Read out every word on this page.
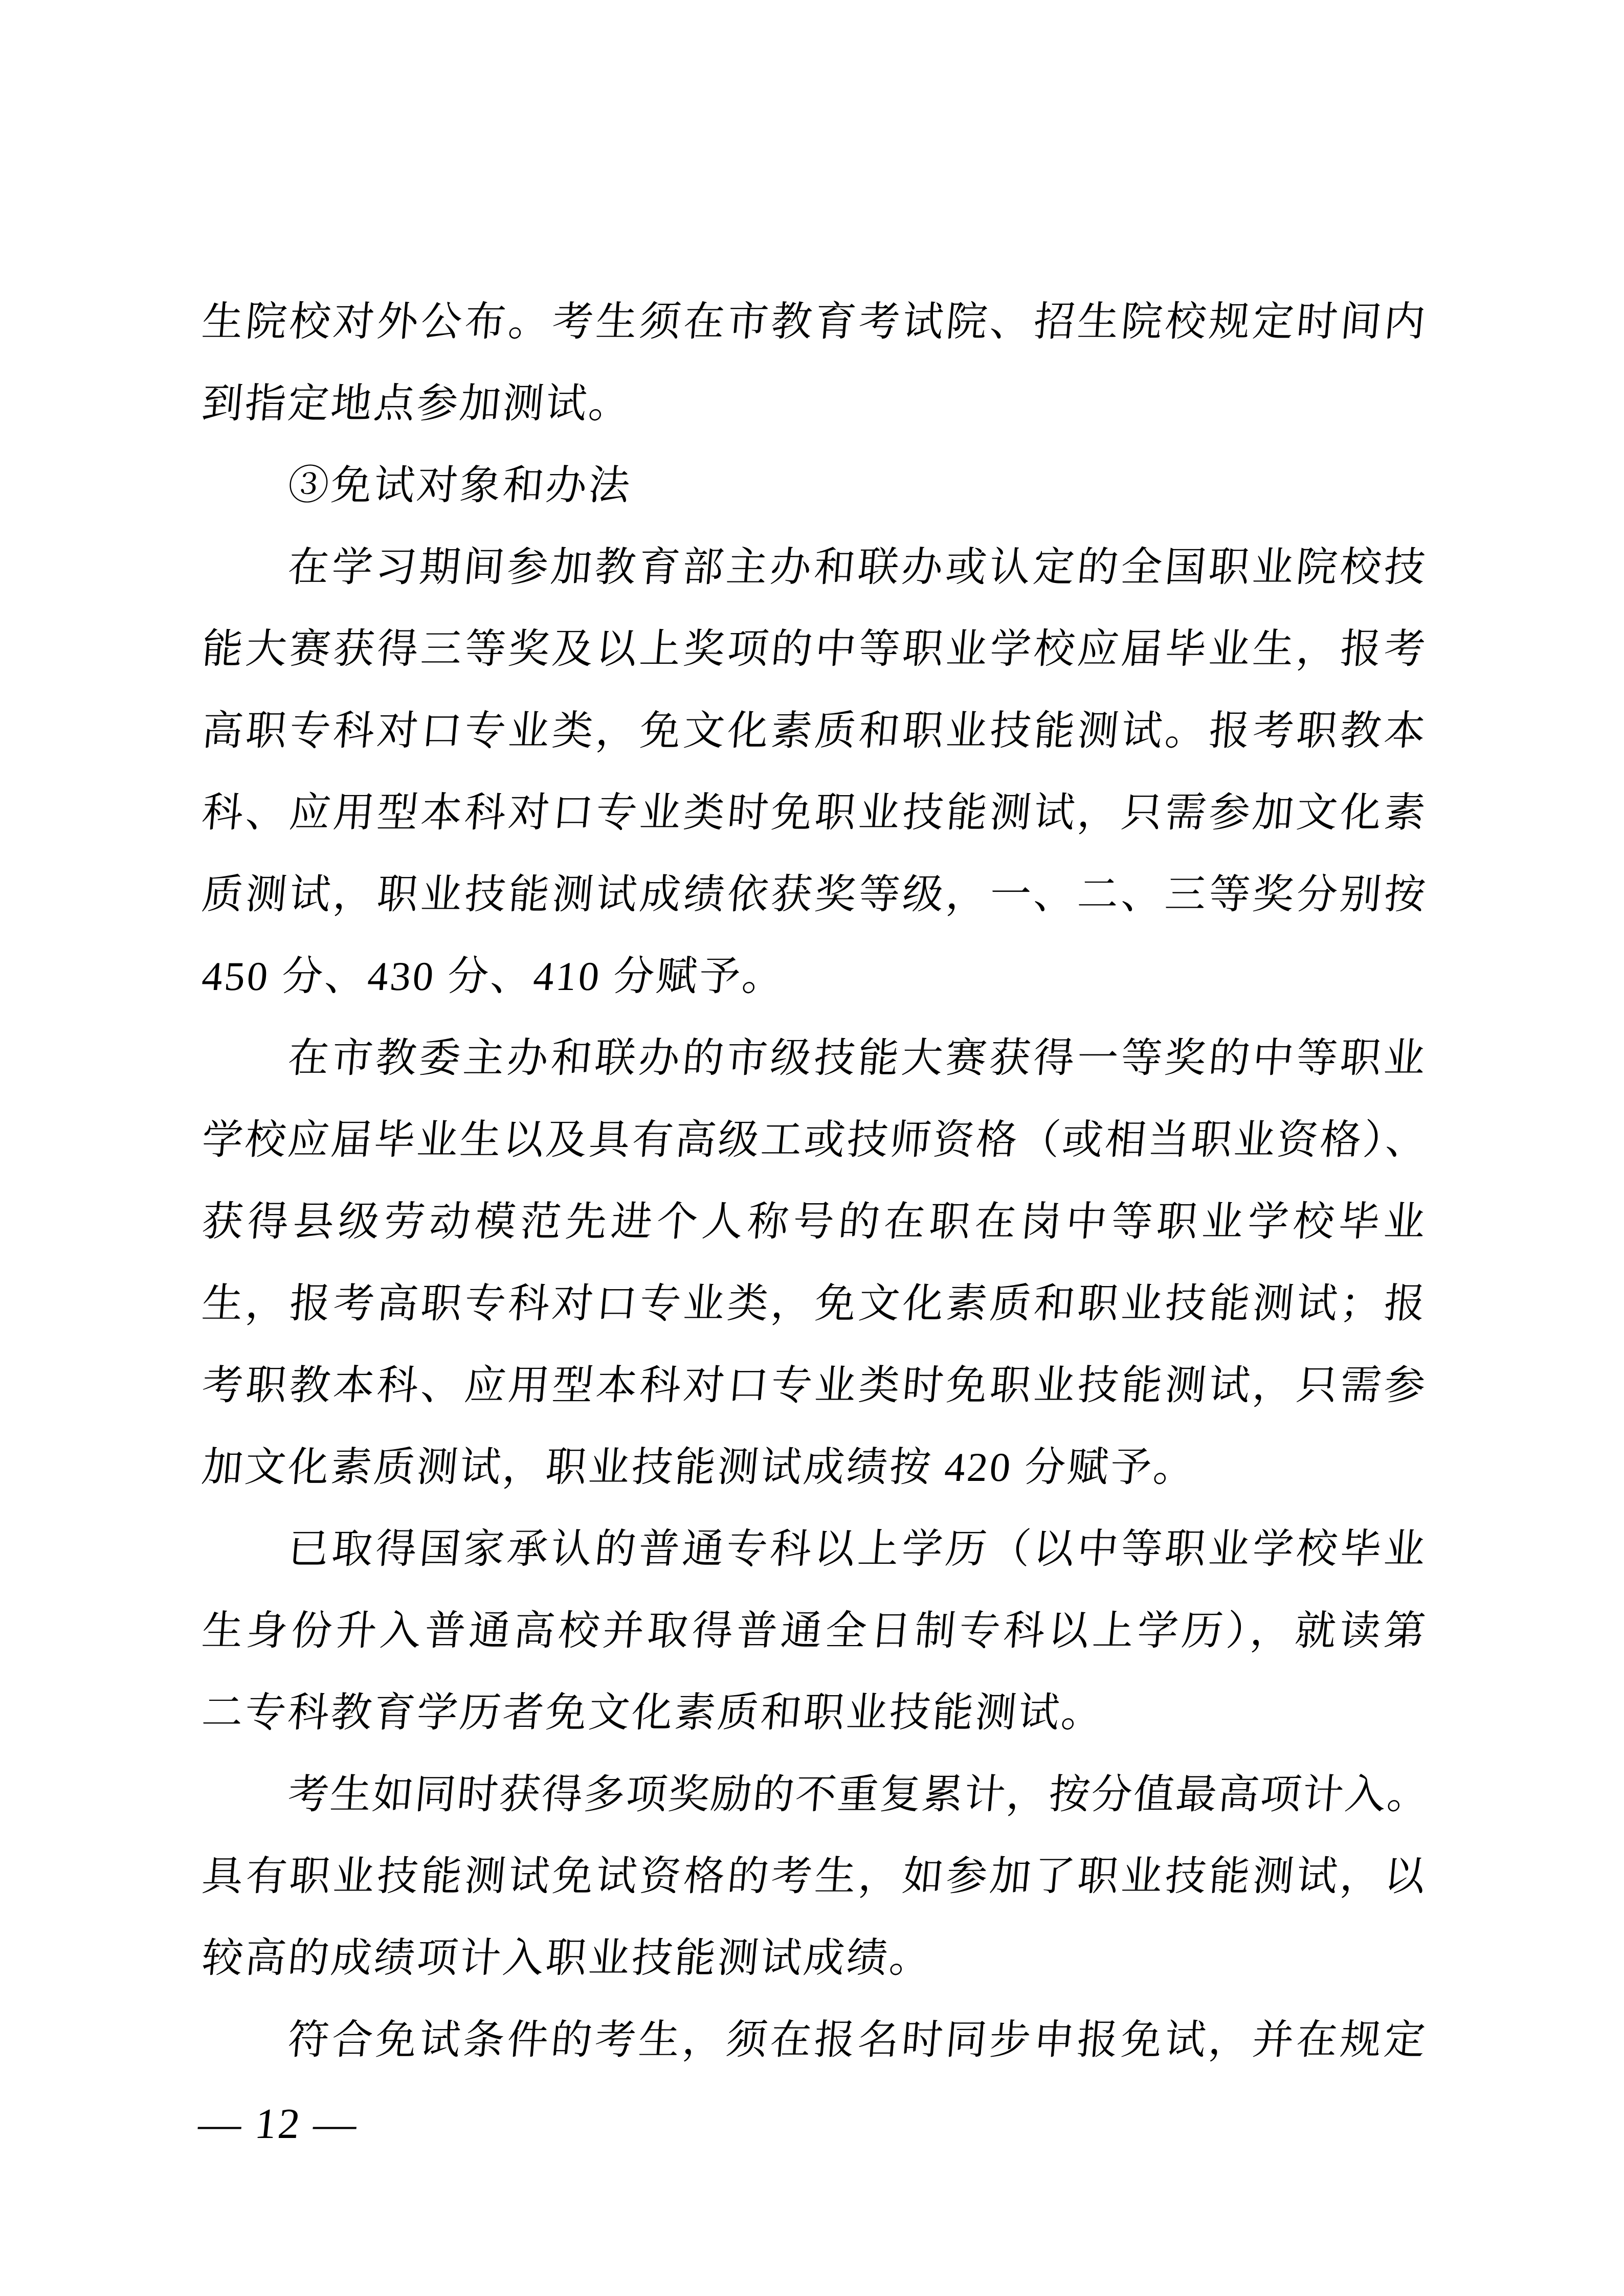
生院校对外公布。考生须在市教育考试院、招生院校规定时间内
到指定地点参加测试。
③免试对象和办法
在学习期间参加教育部主办和联办或认定的全国职业院校技
能大赛获得三等奖及以上奖项的中等职业学校应届毕业生，报考
高职专科对口专业类，免文化素质和职业技能测试。报考职教本
科、应用型本科对口专业类时免职业技能测试，只需参加文化素
质测试，职业技能测试成绩依获奖等级，一、二、三等奖分别按
450 分、430 分、410 分赋予。
在市教委主办和联办的市级技能大赛获得一等奖的中等职业
学校应届毕业生以及具有高级工或技师资格（或相当职业资格）、
获得县级劳动模范先进个人称号的在职在岗中等职业学校毕业
生，报考高职专科对口专业类，免文化素质和职业技能测试；报
考职教本科、应用型本科对口专业类时免职业技能测试，只需参
加文化素质测试，职业技能测试成绩按 420 分赋予。
已取得国家承认的普通专科以上学历（以中等职业学校毕业
生身份升入普通高校并取得普通全日制专科以上学历），就读第
二专科教育学历者免文化素质和职业技能测试。
考生如同时获得多项奖励的不重复累计，按分值最高项计入。
具有职业技能测试免试资格的考生，如参加了职业技能测试，以
较高的成绩项计入职业技能测试成绩。
符合免试条件的考生，须在报名时同步申报免试，并在规定
— 12 —
